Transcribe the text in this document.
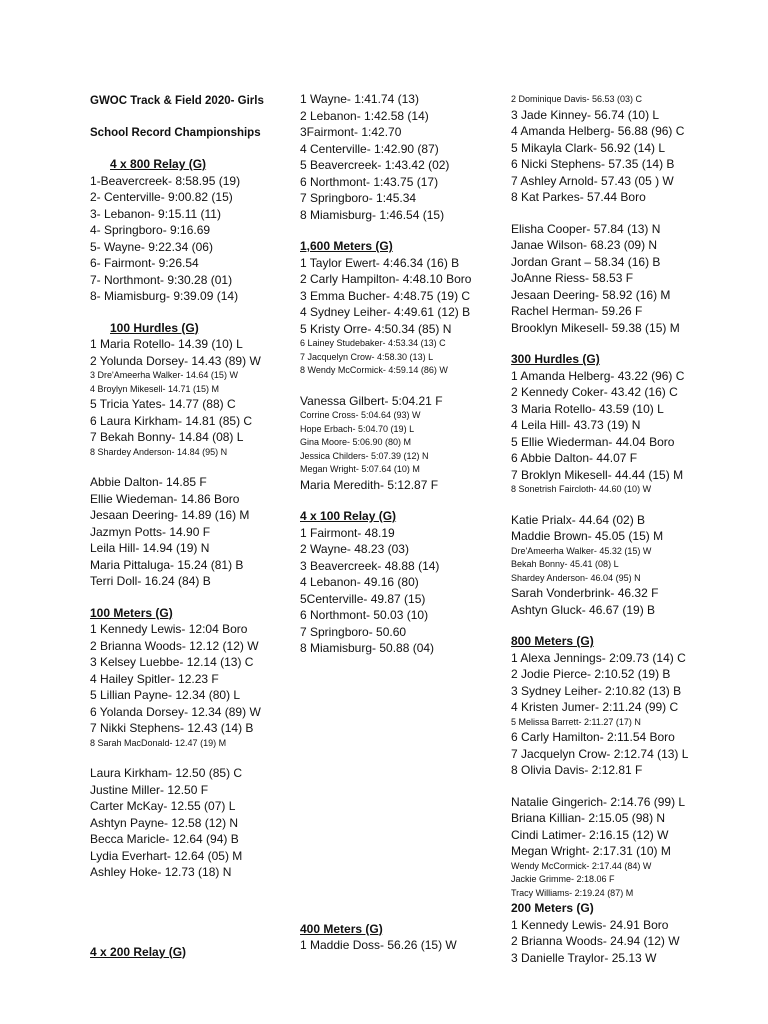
GWOC Track & Field 2020- Girls
School Record Championships
4 x 800 Relay (G)
1-Beavercreek- 8:58.95 (19)
2- Centerville- 9:00.82 (15)
3- Lebanon- 9:15.11 (11)
4- Springboro- 9:16.69
5- Wayne- 9:22.34 (06)
6- Fairmont- 9:26.54
7- Northmont- 9:30.28 (01)
8- Miamisburg- 9:39.09 (14)
100 Hurdles (G)
1 Maria Rotello- 14.39 (10) L
2 Yolunda Dorsey- 14.43 (89) W
3 Dre'Ameerha Walker- 14.64 (15) W
4 Broylyn Mikesell- 14.71 (15) M
5 Tricia Yates- 14.77 (88) C
6 Laura Kirkham- 14.81 (85) C
7 Bekah Bonny- 14.84 (08) L
8 Shardey Anderson- 14.84 (95) N
Abbie Dalton- 14.85 F
Ellie Wiedeman- 14.86 Boro
Jesaan Deering- 14.89 (16) M
Jazmyn Potts- 14.90 F
Leila Hill- 14.94 (19) N
Maria Pittaluga- 15.24 (81) B
Terri Doll- 16.24 (84) B
100 Meters (G)
1 Kennedy Lewis- 12:04 Boro
2 Brianna Woods- 12.12 (12) W
3 Kelsey Luebbe- 12.14 (13) C
4 Hailey Spitler- 12.23 F
5 Lillian Payne- 12.34 (80) L
6 Yolanda Dorsey- 12.34 (89) W
7 Nikki Stephens- 12.43 (14) B
8 Sarah MacDonald- 12.47 (19) M
Laura Kirkham- 12.50 (85) C
Justine Miller- 12.50 F
Carter McKay- 12.55 (07) L
Ashtyn Payne- 12.58 (12) N
Becca Maricle- 12.64 (94) B
Lydia Everhart- 12.64 (05) M
Ashley Hoke- 12.73 (18) N
4 x 200 Relay (G)
1 Wayne- 1:41.74 (13)
2 Lebanon- 1:42.58 (14)
3Fairmont- 1:42.70
4 Centerville- 1:42.90 (87)
5 Beavercreek- 1:43.42 (02)
6 Northmont- 1:43.75 (17)
7 Springboro- 1:45.34
8 Miamisburg- 1:46.54 (15)
1,600 Meters (G)
1 Taylor Ewert- 4:46.34 (16) B
2 Carly Hampilton- 4:48.10 Boro
3 Emma Bucher- 4:48.75 (19) C
4 Sydney Leiher- 4:49.61 (12) B
5 Kristy Orre- 4:50.34 (85) N
6 Lainey Studebaker- 4:53.34 (13) C
7 Jacquelyn Crow- 4:58.30 (13) L
8 Wendy McCormick- 4:59.14 (86) W
Vanessa Gilbert- 5:04.21 F
Corrine Cross- 5:04.64 (93) W
Hope Erbach- 5:04.70 (19) L
Gina Moore- 5:06.90 (80) M
Jessica Childers- 5:07.39 (12) N
Megan Wright- 5:07.64 (10) M
Maria Meredith- 5:12.87 F
4 x 100 Relay (G)
1 Fairmont- 48.19
2 Wayne- 48.23 (03)
3 Beavercreek- 48.88 (14)
4 Lebanon- 49.16 (80)
5Centerville- 49.87 (15)
6 Northmont- 50.03 (10)
7 Springboro- 50.60
8 Miamisburg- 50.88 (04)
400 Meters (G)
1 Maddie Doss- 56.26 (15) W
2 Dominique Davis- 56.53 (03) C
3 Jade Kinney- 56.74 (10) L
4 Amanda Helberg- 56.88 (96) C
5 Mikayla Clark- 56.92 (14) L
6 Nicki Stephens- 57.35 (14) B
7 Ashley Arnold- 57.43 (05 ) W
8 Kat Parkes- 57.44 Boro
Elisha Cooper- 57.84 (13) N
Janae Wilson- 68.23 (09) N
Jordan Grant – 58.34 (16) B
JoAnne Riess- 58.53 F
Jesaan Deering- 58.92 (16) M
Rachel Herman- 59.26 F
Brooklyn Mikesell- 59.38 (15) M
300 Hurdles (G)
1 Amanda Helberg- 43.22 (96) C
2 Kennedy Coker- 43.42 (16) C
3 Maria Rotello- 43.59 (10) L
4 Leila Hill- 43.73 (19) N
5 Ellie Wiederman- 44.04 Boro
6 Abbie Dalton- 44.07 F
7 Broklyn Mikesell- 44.44 (15) M
8 Sonetrish Faircloth- 44.60 (10) W
Katie Prialx- 44.64 (02) B
Maddie Brown- 45.05 (15) M
Dre'Ameerha Walker- 45.32 (15) W
Bekah Bonny- 45.41 (08) L
Shardey Anderson- 46.04 (95) N
Sarah Vonderbrink- 46.32 F
Ashtyn Gluck- 46.67 (19) B
800 Meters (G)
1 Alexa Jennings- 2:09.73 (14) C
2 Jodie Pierce- 2:10.52 (19) B
3 Sydney Leiher- 2:10.82 (13) B
4 Kristen Jumer- 2:11.24 (99) C
5 Melissa Barrett- 2:11.27 (17) N
6 Carly Hamilton- 2:11.54 Boro
7 Jacquelyn Crow- 2:12.74 (13) L
8 Olivia Davis- 2:12.81 F
Natalie Gingerich- 2:14.76 (99) L
Briana Killian- 2:15.05 (98) N
Cindi Latimer- 2:16.15 (12) W
Megan Wright- 2:17.31 (10) M
Wendy McCormick- 2:17.44 (84) W
Jackie Grimme- 2:18.06 F
Tracy Williams- 2:19.24 (87) M
200 Meters (G)
1 Kennedy Lewis- 24.91 Boro
2 Brianna Woods- 24.94 (12) W
3 Danielle Traylor- 25.13 W
